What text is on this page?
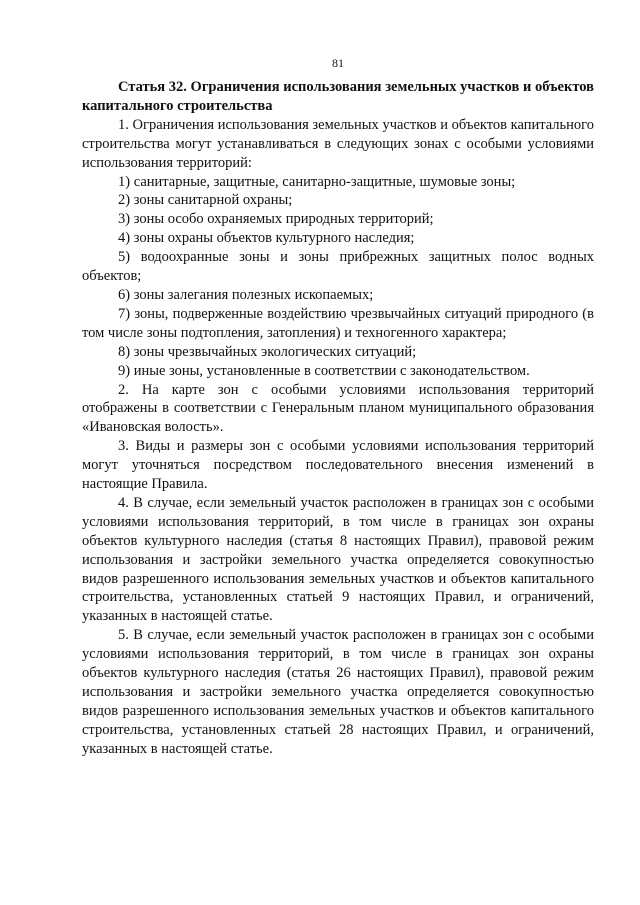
81

Статья 32. Ограничения использования земельных участков и объектов капитального строительства

1. Ограничения использования земельных участков и объектов капитального строительства могут устанавливаться в следующих зонах с особыми условиями использования территорий:

1) санитарные, защитные, санитарно-защитные, шумовые зоны;

2) зоны санитарной охраны;

3) зоны особо охраняемых природных территорий;

4) зоны охраны объектов культурного наследия;

5) водоохранные зоны и зоны прибрежных защитных полос водных объектов;

6) зоны залегания полезных ископаемых;

7) зоны, подверженные воздействию чрезвычайных ситуаций природного (в том числе зоны подтопления, затопления) и техногенного характера;

8) зоны чрезвычайных экологических ситуаций;

9) иные зоны, установленные в соответствии с законодательством.

2. На карте зон с особыми условиями использования территорий отображены в соответствии с Генеральным планом муниципального образования «Ивановская волость».

3. Виды и размеры зон с особыми условиями использования территорий могут уточняться посредством последовательного внесения изменений в настоящие Правила.

4. В случае, если земельный участок расположен в границах зон с особыми условиями использования территорий, в том числе в границах зон охраны объектов культурного наследия (статья 8 настоящих Правил), правовой режим использования и застройки земельного участка определяется совокупностью видов разрешенного использования земельных участков и объектов капитального строительства, установленных статьей 9 настоящих Правил, и ограничений, указанных в настоящей статье.

5. В случае, если земельный участок расположен в границах зон с особыми условиями использования территорий, в том числе в границах зон охраны объектов культурного наследия (статья 26 настоящих Правил), правовой режим использования и застройки земельного участка определяется совокупностью видов разрешенного использования земельных участков и объектов капитального строительства, установленных статьей 28 настоящих Правил, и ограничений, указанных в настоящей статье.
